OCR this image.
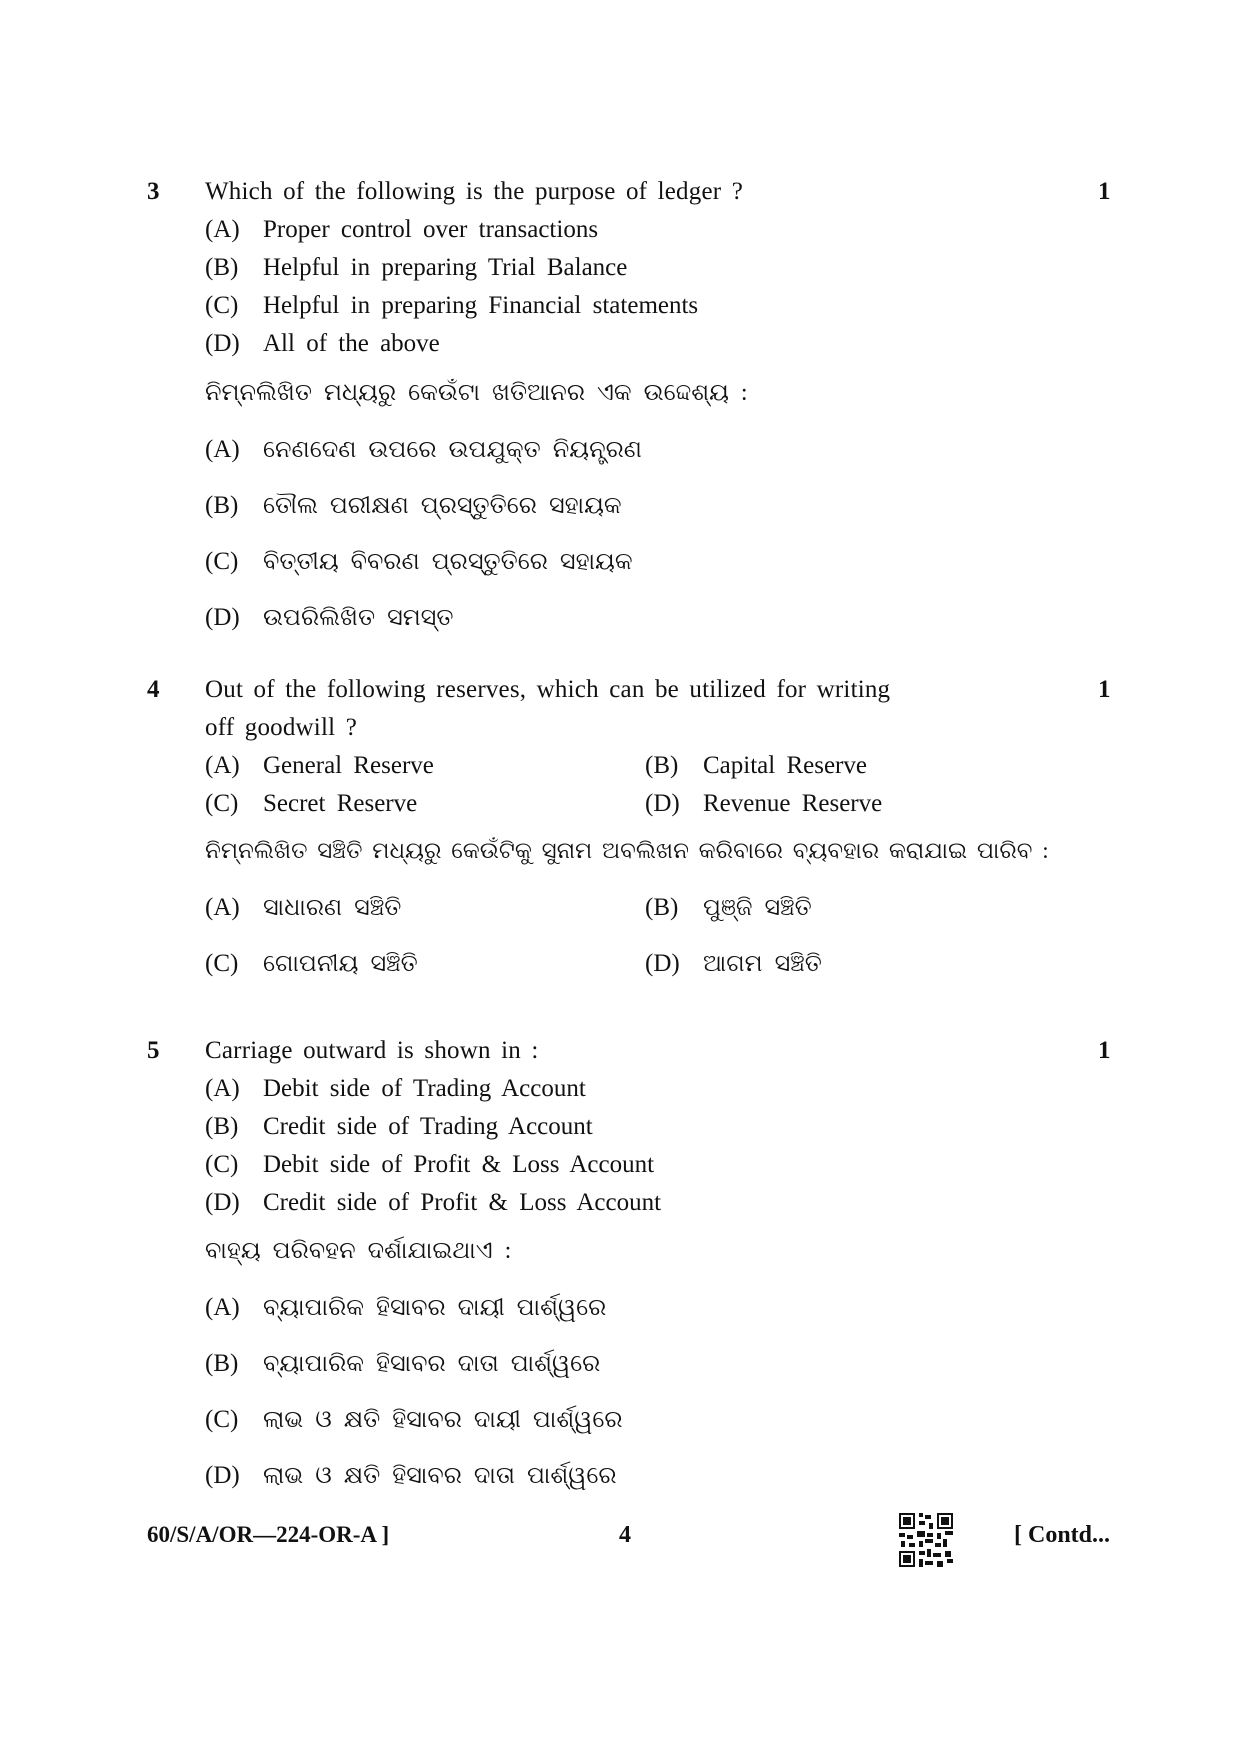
3 Which of the following is the purpose of ledger ?	1
(A) Proper control over transactions
(B) Helpful in preparing Trial Balance
(C) Helpful in preparing Financial statements
(D) All of the above
ନିମ୍ନଲିଖିତ ମଧ୍ୟରୁ କେଉଁଟା ଖତିଆନର ଏକ ଉଦ୍ଦେଶ୍ୟ :
(A) ନେଣଦେଣ ଉପରେ ଉପଯୁକ୍ତ ନିୟନ୍ତ୍ରଣ
(B) ତୌଲ ପରୀକ୍ଷଣ ପ୍ରସ୍ତୁତିରେ ସହାୟକ
(C) ବିତ୍ତୀୟ ବିବରଣ ପ୍ରସ୍ତୁତିରେ ସହାୟକ
(D) ଉପରିଲିଖିତ ସମସ୍ତ
4 Out of the following reserves, which can be utilized for writing
off goodwill ?
1
(A) General Reserve	(B) Capital Reserve
(C) Secret Reserve	(D) Revenue Reserve
ନିମ୍ନଲିଖିତ ସଞ୍ଚିତି ମଧ୍ୟରୁ କେଉଁଟିକୁ ସୁନାମ ଅବଲିଖନ କରିବାରେ ବ୍ୟବହାର କରାଯାଇ ପାରିବ :
(A) ସାଧାରଣ ସଞ୍ଚିତି	(B) ପୁଞ୍ଜି ସଞ୍ଚିତି
(C) ଗୋପନୀୟ ସଞ୍ଚିତି	(D) ଆଗମ ସଞ୍ଚିତି
5 Carriage outward is shown in :	1
(A) Debit side of Trading Account
(B) Credit side of Trading Account
(C) Debit side of Profit & Loss Account
(D) Credit side of Profit & Loss Account
ବାହ୍ୟ ପରିବହନ ଦର୍ଶାଯାଇଥାଏ :
(A) ବ୍ୟାପାରିକ ହିସାବର ଦାୟୀ ପାର୍ଶ୍ୱରେ
(B) ବ୍ୟାପାରିକ ହିସାବର ଦାତା ପାର୍ଶ୍ୱରେ
(C) ଲାଭ ଓ କ୍ଷତି ହିସାବର ଦାୟୀ ପାର୍ଶ୍ୱରେ
(D) ଲାଭ ଓ କ୍ଷତି ହିସାବର ଦାତା ପାର୍ଶ୍ୱରେ
60/S/A/OR—224-OR-A ]	4	[ Contd...
